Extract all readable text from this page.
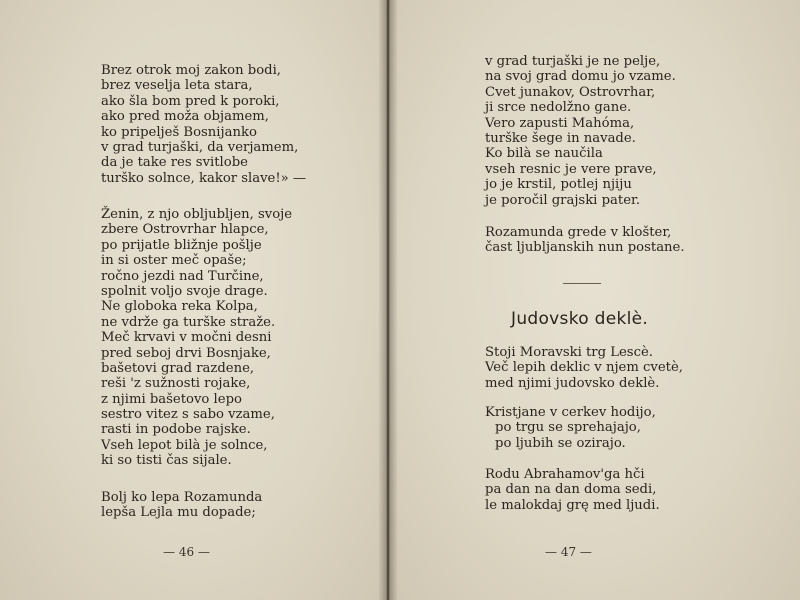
Brez otrok moj zakon bodi,
brez veselja leta stara,
ako šla bom pred k poroki,
ako pred moža objamem,
ko pripelješ Bosnijanko
v grad turjaški, da verjamem,
da je take res svitlobe
turško solnce, kakor slave!» —
Ženin, z njo obljubljen, svoje
zbere Ostrovrhar hlapce,
po prijatle bližnje pošlje
in si oster meč opaše;
ročno jezdi nad Turčine,
spolnit voljo svoje drage.
Ne globoka reka Kolpa,
ne vdrže ga turške straže.
Meč krvavi v močni desni
pred seboj drvi Bosnjake,
bašetovi grad razdene,
reši 'z sužnosti rojake,
z njimi bašetovo lepo
sestro vitez s sabo vzame,
rasti in podobe rajske.
Vseh lepot bilà je solnce,
ki so tisti čas sijale.
Bolj ko lepa Rozamunda
lepša Lejla mu dopade;
— 46 —
v grad turjaški je ne pelje,
na svoj grad domu jo vzame.
Cvet junakov, Ostrovrhar,
ji srce nedolžno gane.
Vero zapusti Mahóma,
turške šege in navade.
Ko bilà se naučila
vseh resnic je vere prave,
jo je krstil, potlej njiju
je poročil grajski pater.
Rozamunda grede v klošter,
čast ljubljanskih nun postane.
Judovsko deklè.
Stoji Moravski trg Lescè.
Več lepih deklic v njem cvetè,
med njimi judovsko deklè.
Kristjane v cerkev hodijo,
po trgu se sprehajajo,
po ljubih se ozirajo.
Rodu Abrahamov'ga hči
pa dan na dan doma sedi,
le malokdaj grę med ljudi.
— 47 —
